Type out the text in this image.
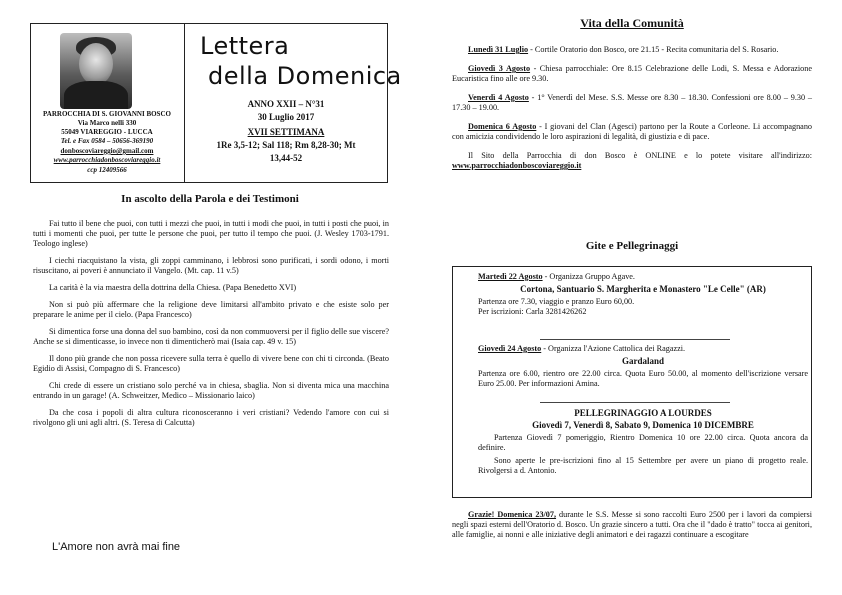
PARROCCHIA DI S. GIOVANNI BOSCO
Via Marco nelli 330
55049 VIAREGGIO - LUCCA
Tel. e Fax 0584 – 50656-369190
donboscoviareggio@gmail.com
www.parrocchiadonboscoviareggio.it
ccp 12409566
Lettera
della Domenica
ANNO XXII – N°31
30 Luglio 2017
XVII SETTIMANA
1Re 3,5-12; Sal 118; Rm 8,28-30; Mt
13,44-52
In ascolto della Parola e dei Testimoni

Fai tutto il bene che puoi, con tutti i mezzi che puoi, in tutti i modi che puoi, in tutti i posti che puoi, in tutti i momenti che puoi, per tutte le persone che puoi, per tutto il tempo che puoi. (J. Wesley 1703-1791. Teologo inglese)

I ciechi riacquistano la vista, gli zoppi camminano, i lebbrosi sono purificati, i sordi odono, i morti risuscitano, ai poveri è annunciato il Vangelo. (Mt. cap. 11 v.5)

La carità è la via maestra della dottrina della Chiesa. (Papa Benedetto XVI)

Non si può più affermare che la religione deve limitarsi all'ambito privato e che esiste solo per preparare le anime per il cielo. (Papa Francesco)

Si dimentica forse una donna del suo bambino, così da non commuoversi per il figlio delle sue viscere? Anche se si dimenticasse, io invece non ti dimenticherò mai (Isaia cap. 49 v. 15)

Il dono più grande che non possa ricevere sulla terra è quello di vivere bene con chi ti circonda. (Beato Egidio di Assisi, Compagno di S. Francesco)

Chi crede di essere un cristiano solo perché va in chiesa, sbaglia. Non si diventa mica una macchina entrando in un garage! (A. Schweitzer, Medico – Missionario laico)

Da che cosa i popoli di altra cultura riconosceranno i veri cristiani? Vedendo l'amore con cui si rivolgono gli uni agli altri. (S. Teresa di Calcutta)

L'Amore non avrà mai fine
Vita della Comunità

Lunedì 31 Luglio - Cortile Oratorio don Bosco, ore 21.15 - Recita comunitaria del S. Rosario.

Giovedì 3 Agosto - Chiesa parrocchiale: Ore 8.15 Celebrazione delle Lodi, S. Messa e Adorazione Eucaristica fino alle ore 9.30.

Venerdì 4 Agosto - 1° Venerdì del Mese. S.S. Messe ore 8.30 – 18.30. Confessioni ore 8.00 – 9.30 – 17.30 – 19.00.

Domenica 6 Agosto - I giovani del Clan (Agesci) partono per la Route a Corleone. Li accompagnano con amicizia condividendo le loro aspirazioni di legalità, di giustizia e di pace.

Il Sito della Parrocchia di don Bosco è ONLINE e lo potete visitare all'indirizzo: www.parrocchiadonboscoviareggio.it

Gite e Pellegrinaggi
Martedì 22 Agosto - Organizza Gruppo Agave.
Cortona, Santuario S. Margherita e Monastero "Le Celle" (AR)
Partenza ore 7.30, viaggio e pranzo Euro 60,00.
Per iscrizioni: Carla 3281426262
Giovedì 24 Agosto - Organizza l'Azione Cattolica dei Ragazzi.
Gardaland
Partenza ore 6.00, rientro ore 22.00 circa. Quota Euro 50.00, al momento dell'iscrizione versare Euro 25.00. Per informazioni Amina.
PELLEGRINAGGIO A LOURDES
Giovedì 7, Venerdì 8, Sabato 9, Domenica 10 DICEMBRE
Partenza Giovedì 7 pomeriggio, Rientro Domenica 10 ore 22.00 circa. Quota ancora da definire.
Sono aperte le pre-iscrizioni fino al 15 Settembre per avere un piano di progetto reale. Rivolgersi a d. Antonio.
Grazie! Domenica 23/07, durante le S.S. Messe si sono raccolti Euro 2500 per i lavori da compiersi negli spazi esterni dell'Oratorio d. Bosco. Un grazie sincero a tutti. Ora che il "dado è tratto" tocca ai genitori, alle famiglie, ai nonni e alle iniziative degli animatori e dei ragazzi continuare a escogitare
